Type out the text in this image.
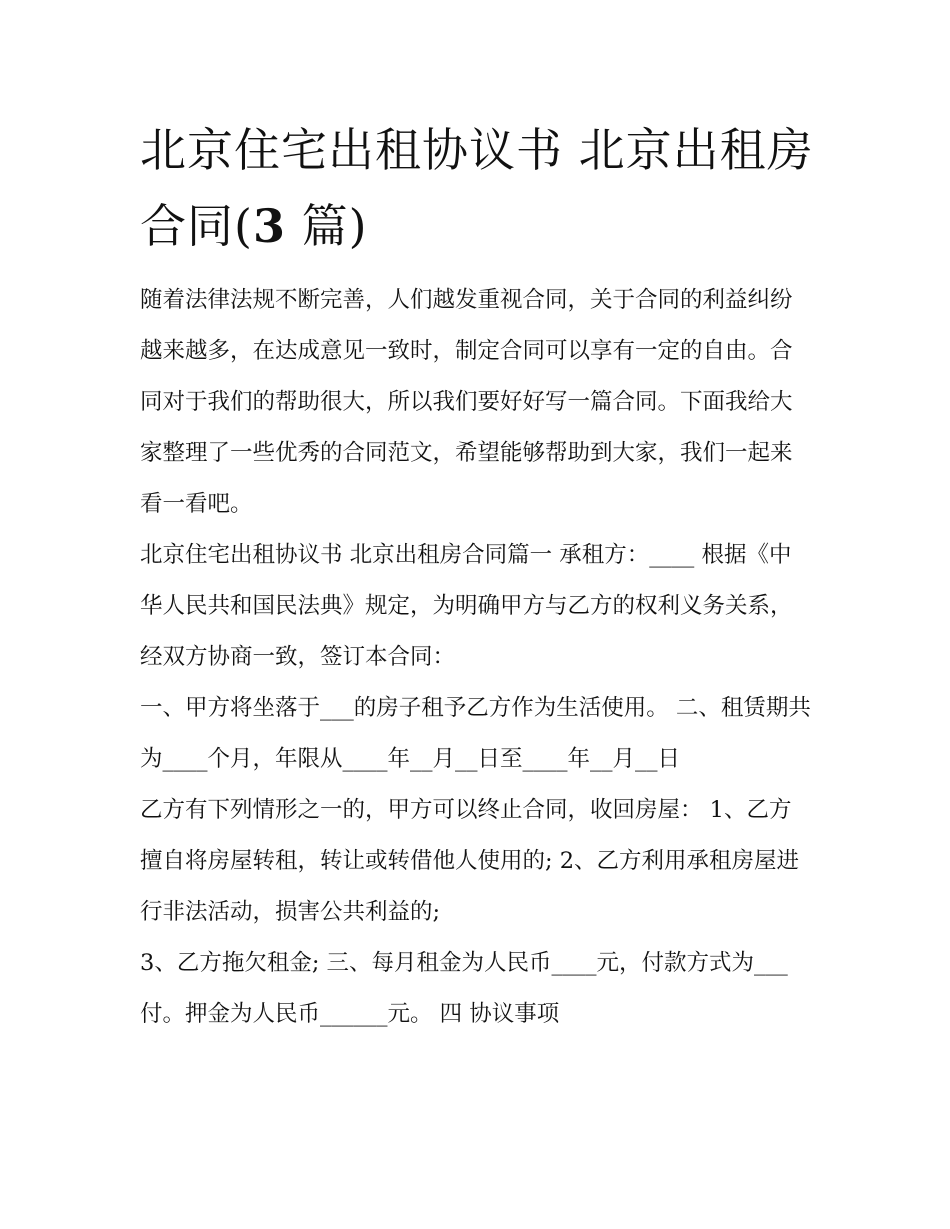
北京住宅出租协议书 北京出租房合同(3 篇)

随着法律法规不断完善，人们越发重视合同，关于合同的利益纠纷越来越多，在达成意见一致时，制定合同可以享有一定的自由。合同对于我们的帮助很大，所以我们要好好写一篇合同。下面我给大家整理了一些优秀的合同范文，希望能够帮助到大家，我们一起来看一看吧。

北京住宅出租协议书 北京出租房合同篇一 承租方：____ 根据《中华人民共和国民法典》规定，为明确甲方与乙方的权利义务关系，经双方协商一致，签订本合同：

一、甲方将坐落于___的房子租予乙方作为生活使用。 二、租赁期共为____个月，年限从____年__月__日至____年__月__日

乙方有下列情形之一的，甲方可以终止合同，收回房屋： 1、乙方擅自将房屋转租，转让或转借他人使用的; 2、乙方利用承租房屋进行非法活动，损害公共利益的;

3、乙方拖欠租金; 三、每月租金为人民币____元，付款方式为___付。押金为人民币______元。 四 协议事项
